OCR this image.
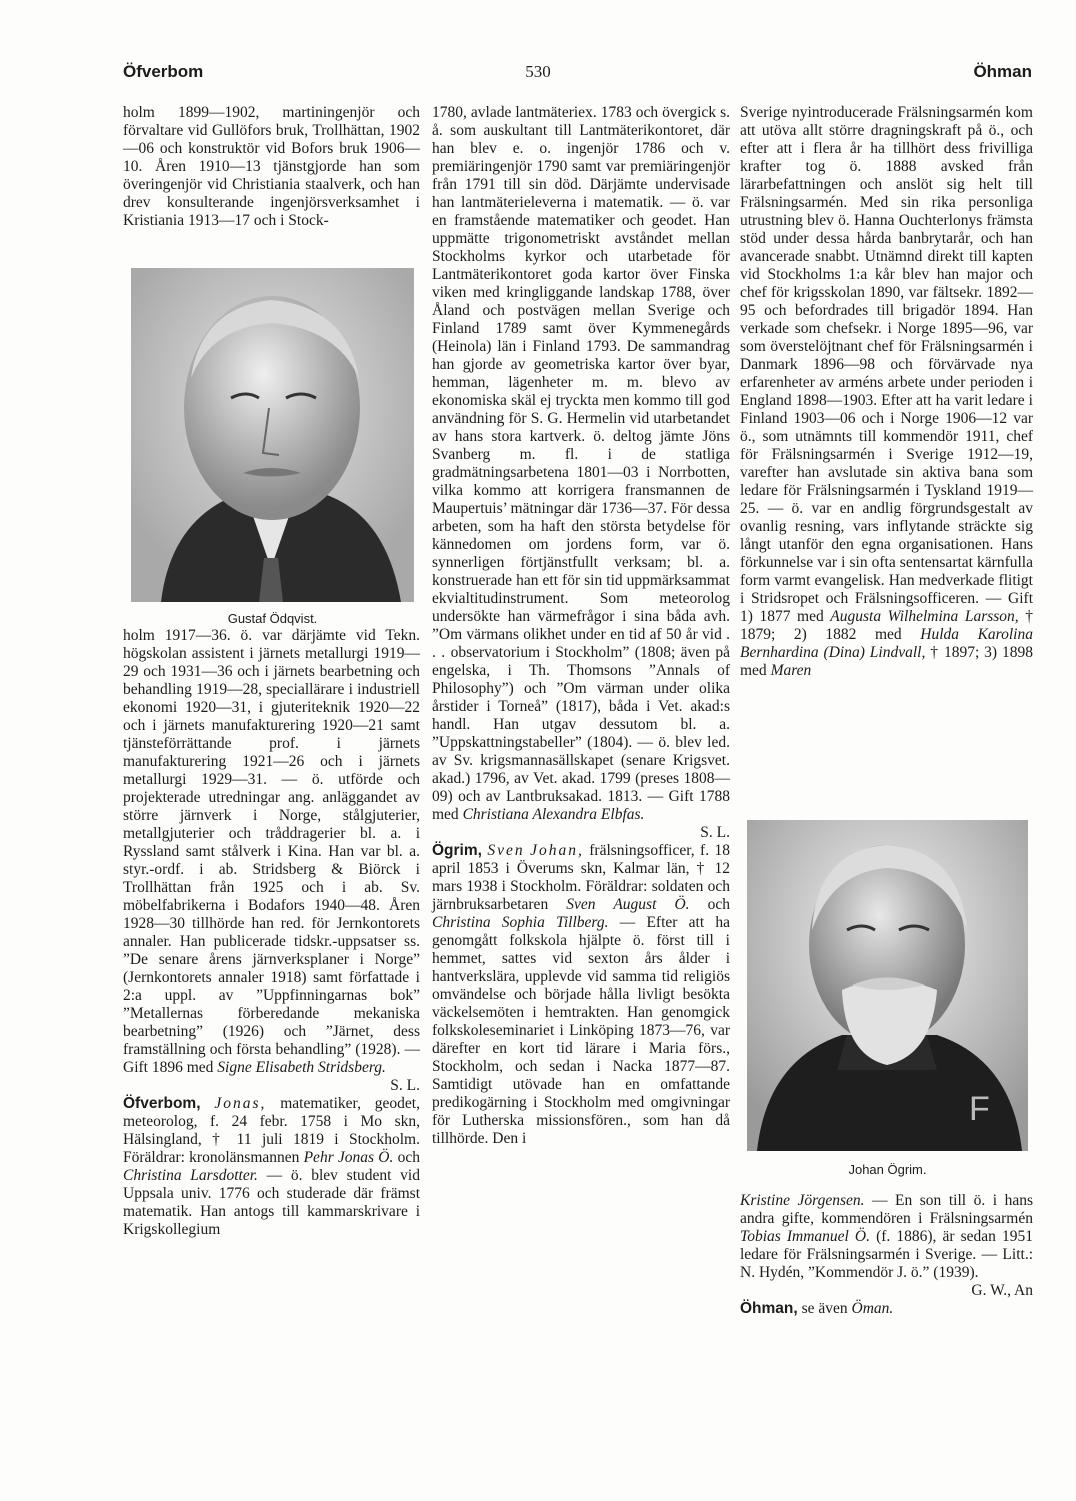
Öfverbom	530	Öhman

holm 1899—1902, martiningenjör och förvaltare vid Gullöfors bruk, Trollhättan, 1902—06 och konstruktör vid Bofors bruk 1906—10. Åren 1910—13 tjänstgjorde han som överingenjör vid Christiania staalverk, och han drev konsulterande ingenjörsverksamhet i Kristiania 1913—17 och i Stock-

Gustaf Ödqvist.

holm 1917—36. ö. var därjämte vid Tekn. högskolan assistent i järnets metallurgi 1919—29 och 1931—36 och i järnets bearbetning och behandling 1919—28, speciallärare i industriell ekonomi 1920—31, i gjuteriteknik 1920—22 och i järnets manufakturering 1920—21 samt tjänsteförrättande prof. i järnets manufakturering 1921—26 och i järnets metallurgi 1929—31. — ö. utförde och projekterade utredningar ang. anläggandet av större järnverk i Norge, stålgjuterier, metallgjuterier och tråddragerier bl. a. i Ryssland samt stålverk i Kina. Han var bl. a. styr.-ordf. i ab. Stridsberg & Biörck i Trollhättan från 1925 och i ab. Sv. möbelfabrikerna i Bodafors 1940—48. Åren 1928—30 tillhörde han red. för Jernkontorets annaler. Han publicerade tidskr.-uppsatser ss. ”De senare årens järnverksplaner i Norge” (Jernkontorets annaler 1918) samt författade i 2:a uppl. av ”Uppfinningarnas bok” ”Metallernas förberedande mekaniska bearbetning” (1926) och ”Järnet, dess framställning och första behandling” (1928). — Gift 1896 med Signe Elisabeth Stridsberg.

S. L.

Öfverbom, Jonas, matematiker, geodet, meteorolog, f. 24 febr. 1758 i Mo skn, Hälsingland, † 11 juli 1819 i Stockholm. Föräldrar: kronolänsmannen Pehr Jonas Ö. och Christina Larsdotter. — ö. blev student vid Uppsala univ. 1776 och studerade där främst matematik. Han antogs till kammarskrivare i Krigskollegium

1780, avlade lantmäteriex. 1783 och övergick s. å. som auskultant till Lantmäterikontoret, där han blev e. o. ingenjör 1786 och v. premiäringenjör 1790 samt var premiäringenjör från 1791 till sin död. Därjämte undervisade han lantmäterieleverna i matematik. — ö. var en framstående matematiker och geodet. Han uppmätte trigonometriskt avståndet mellan Stockholms kyrkor och utarbetade för Lantmäterikontoret goda kartor över Finska viken med kringliggande landskap 1788, över Åland och postvägen mellan Sverige och Finland 1789 samt över Kymmenegårds (Heinola) län i Finland 1793. De sammandrag han gjorde av geometriska kartor över byar, hemman, lägenheter m. m. blevo av ekonomiska skäl ej tryckta men kommo till god användning för S. G. Hermelin vid utarbetandet av hans stora kartverk. ö. deltog jämte Jöns Svanberg m. fl. i de statliga gradmätningsarbetena 1801—03 i Norrbotten, vilka kommo att korrigera fransmannen de Maupertuis’ mätningar där 1736—37. För dessa arbeten, som ha haft den största betydelse för kännedomen om jordens form, var ö. synnerligen förtjänstfullt verksam; bl. a. konstruerade han ett för sin tid uppmärksammat ekvialtitudinstrument. Som meteorolog undersökte han värmefrågor i sina båda avh. ”Om värmans olikhet under en tid af 50 år vid . . . observatorium i Stockholm” (1808; även på engelska, i Th. Thomsons ”Annals of Philosophy”) och ”Om värman under olika årstider i Torneå” (1817), båda i Vet. akad:s handl. Han utgav dessutom bl. a. ”Uppskattningstabeller” (1804). — ö. blev led. av Sv. krigsmannasällskapet (senare Krigsvet. akad.) 1796, av Vet. akad. 1799 (preses 1808—09) och av Lantbruksakad. 1813. — Gift 1788 med Christiana Alexandra Elbfas.

S. L.

Ögrim, Sven Johan, frälsningsofficer, f. 18 april 1853 i Överums skn, Kalmar län, † 12 mars 1938 i Stockholm. Föräldrar: soldaten och järnbruksarbetaren Sven August Ö. och Christina Sophia Tillberg. — Efter att ha genomgått folkskola hjälpte ö. först till i hemmet, sattes vid sexton års ålder i hantverkslära, upplevde vid samma tid religiös omvändelse och började hålla livligt besökta väckelsemöten i hemtrakten. Han genomgick folkskoleseminariet i Linköping 1873—76, var därefter en kort tid lärare i Maria förs., Stockholm, och sedan i Nacka 1877—87. Samtidigt utövade han en omfattande predikogärning i Stockholm med omgivningar för Lutherska missionsfören., som han då tillhörde. Den i

Sverige nyintroducerade Frälsningsarmén kom att utöva allt större dragningskraft på ö., och efter att i flera år ha tillhört dess frivilliga krafter tog ö. 1888 avsked från lärarbefattningen och anslöt sig helt till Frälsningsarmén. Med sin rika personliga utrustning blev ö. Hanna Ouchterlonys främsta stöd under dessa hårda banbrytarår, och han avancerade snabbt. Utnämnd direkt till kapten vid Stockholms 1:a kår blev han major och chef för krigsskolan 1890, var fältsekr. 1892—95 och befordrades till brigadör 1894. Han verkade som chefsekr. i Norge 1895—96, var som överstelöjtnant chef för Frälsningsarmén i Danmark 1896—98 och förvärvade nya erfarenheter av arméns arbete under perioden i England 1898—1903. Efter att ha varit ledare i Finland 1903—06 och i Norge 1906—12 var ö., som utnämnts till kommendör 1911, chef för Frälsningsarmén i Sverige 1912—19, varefter han avslutade sin aktiva bana som ledare för Frälsningsarmén i Tyskland 1919—25. — ö. var en andlig förgrundsgestalt av ovanlig resning, vars inflytande sträckte sig långt utanför den egna organisationen. Hans förkunnelse var i sin ofta sentensartat kärnfulla form varmt evangelisk. Han medverkade flitigt i Stridsropet och Frälsningsofficeren. — Gift 1) 1877 med Augusta Wilhelmina Larsson, † 1879; 2) 1882 med Hulda Karolina Bernhardina (Dina) Lindvall, † 1897; 3) 1898 med Maren

F
Johan Ögrim.

Kristine Jörgensen. — En son till ö. i hans andra gifte, kommendören i Frälsningsarmén Tobias Immanuel Ö. (f. 1886), är sedan 1951 ledare för Frälsningsarmén i Sverige. — Litt.: N. Hydén, ”Kommendör J. ö.” (1939).

G. W., An

Öhman, se även Öman.
